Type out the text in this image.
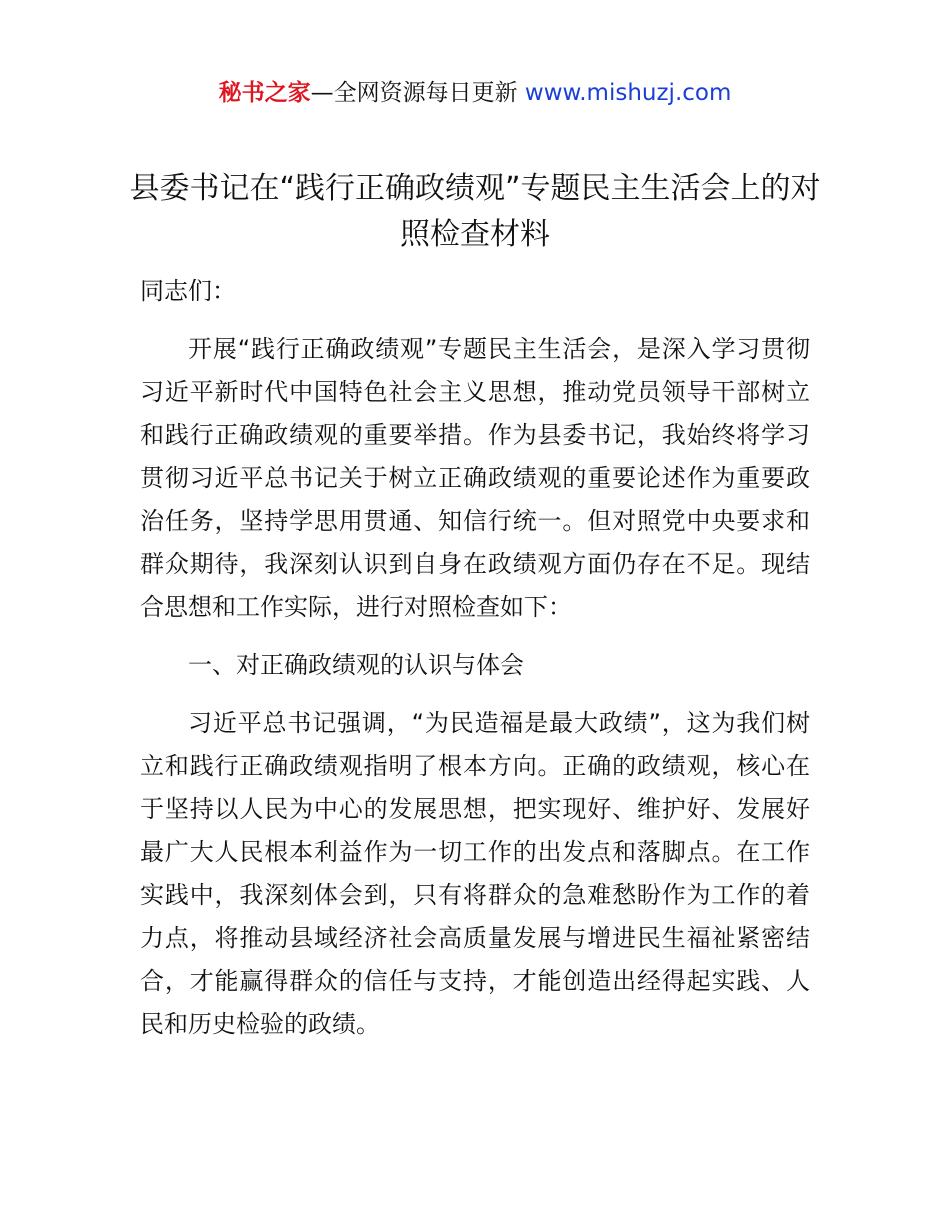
秘书之家—全网资源每日更新 www.mishuzj.com
县委书记在“践行正确政绩观”专题民主生活会上的对照检查材料

同志们：

开展“践行正确政绩观”专题民主生活会，是深入学习贯彻习近平新时代中国特色社会主义思想，推动党员领导干部树立和践行正确政绩观的重要举措。作为县委书记，我始终将学习贯彻习近平总书记关于树立正确政绩观的重要论述作为重要政治任务，坚持学思用贯通、知信行统一。但对照党中央要求和群众期待，我深刻认识到自身在政绩观方面仍存在不足。现结合思想和工作实际，进行对照检查如下：

一、对正确政绩观的认识与体会

习近平总书记强调，“为民造福是最大政绩”，这为我们树立和践行正确政绩观指明了根本方向。正确的政绩观，核心在于坚持以人民为中心的发展思想，把实现好、维护好、发展好最广大人民根本利益作为一切工作的出发点和落脚点。在工作实践中，我深刻体会到，只有将群众的急难愁盼作为工作的着力点，将推动县域经济社会高质量发展与增进民生福祉紧密结合，才能赢得群众的信任与支持，才能创造出经得起实践、人民和历史检验的政绩。
